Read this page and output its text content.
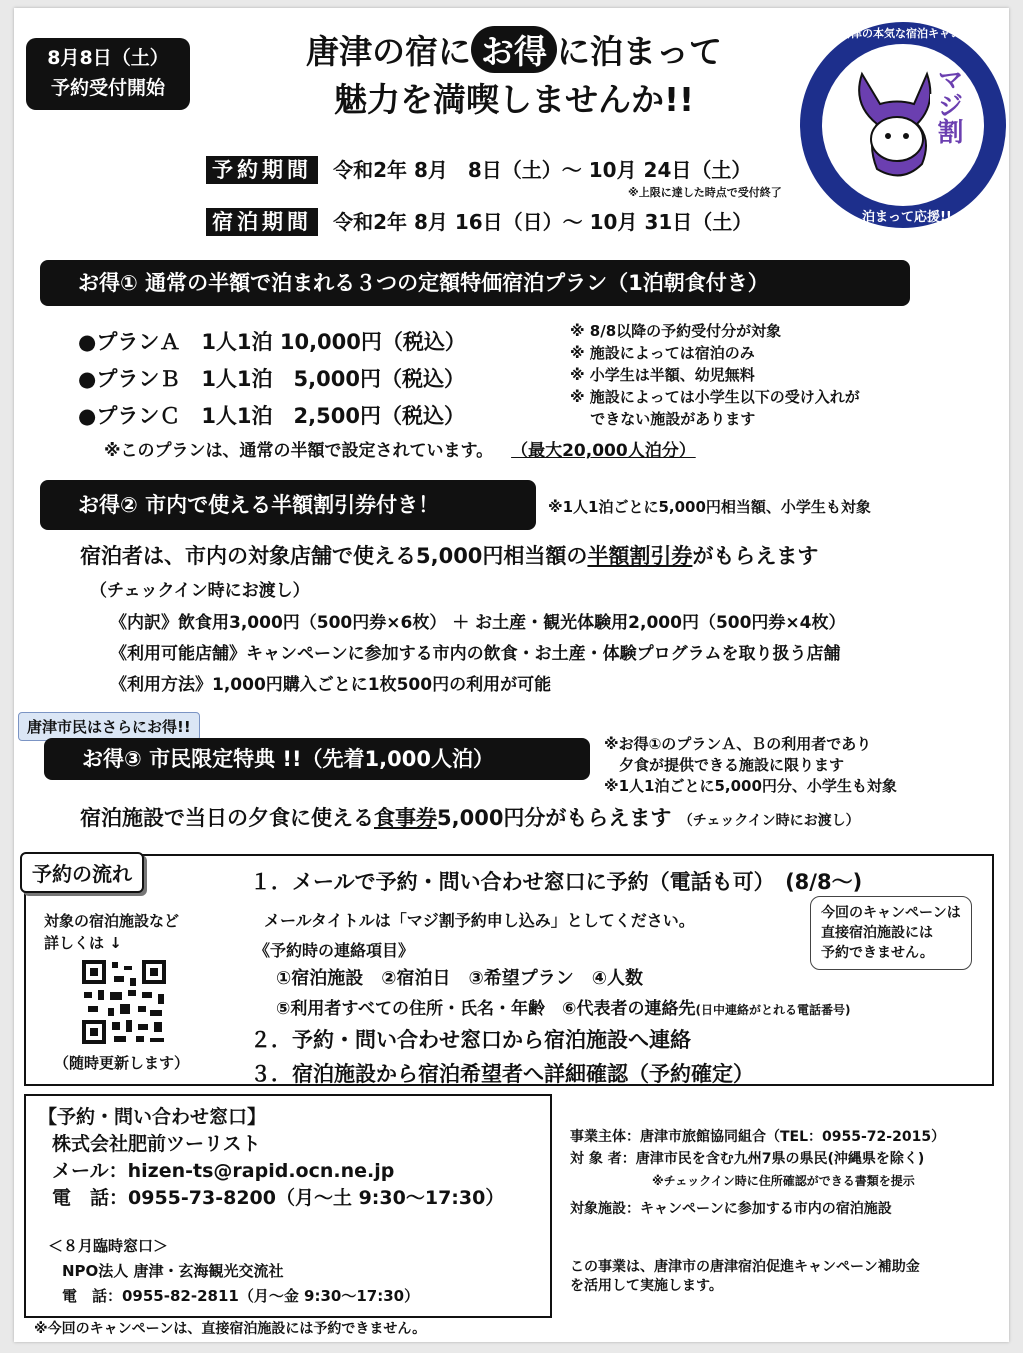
8月8日（土）
予約受付開始
唐津の宿に お得 に泊まって
魅力を満喫しませんか!!	マジ割
唐津の本気な宿泊キャンペーン
泊まって応援!!
予約期間 令和2年 8月　8日（土）～ 10月 24日（土）
※上限に達した時点で受付終了
宿泊期間 令和2年 8月 16日（日）～ 10月 31日（土）
お得① 通常の半額で泊まれる３つの定額特価宿泊プラン（1泊朝食付き）
●プランＡ　1人1泊 10,000円（税込）
●プランＢ　1人1泊　5,000円（税込）
●プランＣ　1人1泊　2,500円（税込）
※ 8/8以降の予約受付分が対象
※ 施設によっては宿泊のみ
※ 小学生は半額、幼児無料
※ 施設によっては小学生以下の受け入れが
　 できない施設があります
※このプランは、通常の半額で設定されています。 （最大20,000人泊分）
お得② 市内で使える半額割引券付き！	※1人1泊ごとに5,000円相当額、小学生も対象
宿泊者は、市内の対象店舗で使える5,000円相当額の半額割引券がもらえます
（チェックイン時にお渡し）
《内訳》飲食用3,000円（500円券×6枚） ＋ お土産・観光体験用2,000円（500円券×4枚）
《利用可能店舗》キャンペーンに参加する市内の飲食・お土産・体験プログラムを取り扱う店舗
《利用方法》1,000円購入ごとに1枚500円の利用が可能
唐津市民はさらにお得!!
お得③ 市民限定特典 !!（先着1,000人泊）
※お得①のプランＡ、Ｂの利用者であり
　夕食が提供できる施設に限ります
※1人1泊ごとに5,000円分、小学生も対象
宿泊施設で当日の夕食に使える食事券5,000円分がもらえます （チェックイン時にお渡し）
予約の流れ
対象の宿泊施設など
詳しくは ↓
（随時更新します）
１．メールで予約・問い合わせ窓口に予約（電話も可）　(8/8～)
メールタイトルは「マジ割予約申し込み」としてください。
《予約時の連絡項目》
①宿泊施設　②宿泊日　③希望プラン　④人数
⑤利用者すべての住所・氏名・年齢　⑥代表者の連絡先(日中連絡がとれる電話番号)
今回のキャンペーンは
直接宿泊施設には
予約できません。
２．予約・問い合わせ窓口から宿泊施設へ連絡
３．宿泊施設から宿泊希望者へ詳細確認（予約確定）
【予約・問い合わせ窓口】
株式会社肥前ツーリスト
メール：hizen-ts@rapid.ocn.ne.jp
電　話：0955-73-8200（月～土 9:30～17:30）
＜８月臨時窓口＞
NPO法人 唐津・玄海観光交流社
電　話：0955-82-2811（月～金 9:30～17:30）
事業主体：唐津市旅館協同組合（TEL：0955-72-2015）
対 象 者：唐津市民を含む九州7県の県民(沖縄県を除く)
※チェックイン時に住所確認ができる書類を提示
対象施設：キャンペーンに参加する市内の宿泊施設
この事業は、唐津市の唐津宿泊促進キャンペーン補助金
を活用して実施します。
※今回のキャンペーンは、直接宿泊施設には予約できません。
